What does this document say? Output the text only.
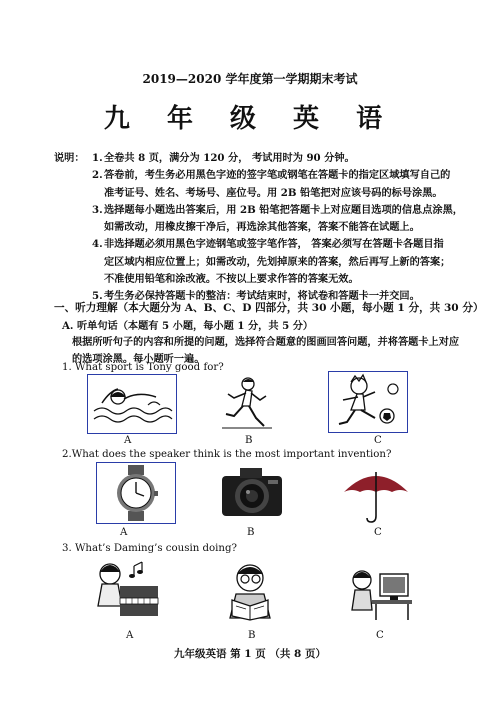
2019—2020 学年度第一学期期末考试
九 年 级 英 语
说明： 1.全卷共 8 页，满分为 120 分， 考试用时为 90 分钟。
2.答卷前，考生务必用黑色字迹的签字笔或钢笔在答题卡的指定区域填写自己的
准考证号、姓名、考场号、座位号。用 2B 铅笔把对应该号码的标号涂黑。
3.选择题每小题选出答案后，用 2B 铅笔把答题卡上对应题目选项的信息点涂黑，
如需改动，用橡皮擦干净后，再选涂其他答案，答案不能答在试题上。
4.非选择题必须用黑色字迹钢笔或签字笔作答， 答案必须写在答题卡各题目指
定区域内相应位置上；如需改动，先划掉原来的答案，然后再写上新的答案；
不准使用铅笔和涂改液。不按以上要求作答的答案无效。
5.考生务必保持答题卡的整洁：考试结束时，将试卷和答题卡一并交回。
一、听力理解（本大题分为 A、B、C、D 四部分，共 30 小题，每小题 1 分，共 30 分）
A. 听单句话（本题有 5 小题，每小题 1 分，共 5 分）
根据所听句子的内容和所提的问题，选择符合题意的图画回答问题，并将答题卡上对应
的选项涂黑。每小题听一遍。
1. What sport is Tony good for?
A	B	C
2.What does the speaker think is the most important invention?
A	B	C
3. What’s Daming’s cousin doing?
A	B	C
九年级英语 第 1 页 （共 8 页）
